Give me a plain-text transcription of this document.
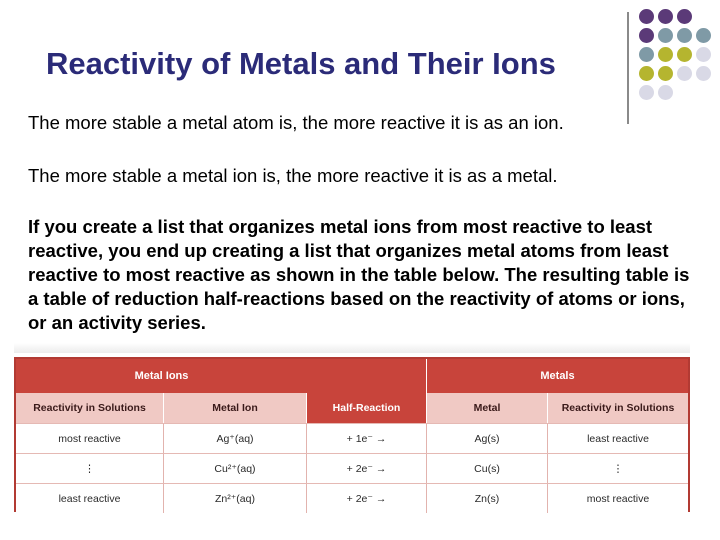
Reactivity of Metals and Their Ions
The more stable a metal atom is, the more reactive it is as an ion.
The more stable a metal ion is, the more reactive it is as a metal.
If you create a list that organizes metal ions from most reactive to least reactive, you end up creating a list that organizes metal atoms from least reactive to most reactive as shown in the table below. The resulting table is a table of reduction half-reactions based on the reactivity of atoms or ions, or an activity series.
Metal Ions	Metals
Reactivity in Solutions	Metal Ion	Half-Reaction	Metal	Reactivity in Solutions
most reactive	Ag⁺(aq)	+ 1e⁻ →	Ag(s)	least reactive
⋮	Cu²⁺(aq)	+ 2e⁻ →	Cu(s)	⋮
least reactive	Zn²⁺(aq)	+ 2e⁻ →	Zn(s)	most reactive
